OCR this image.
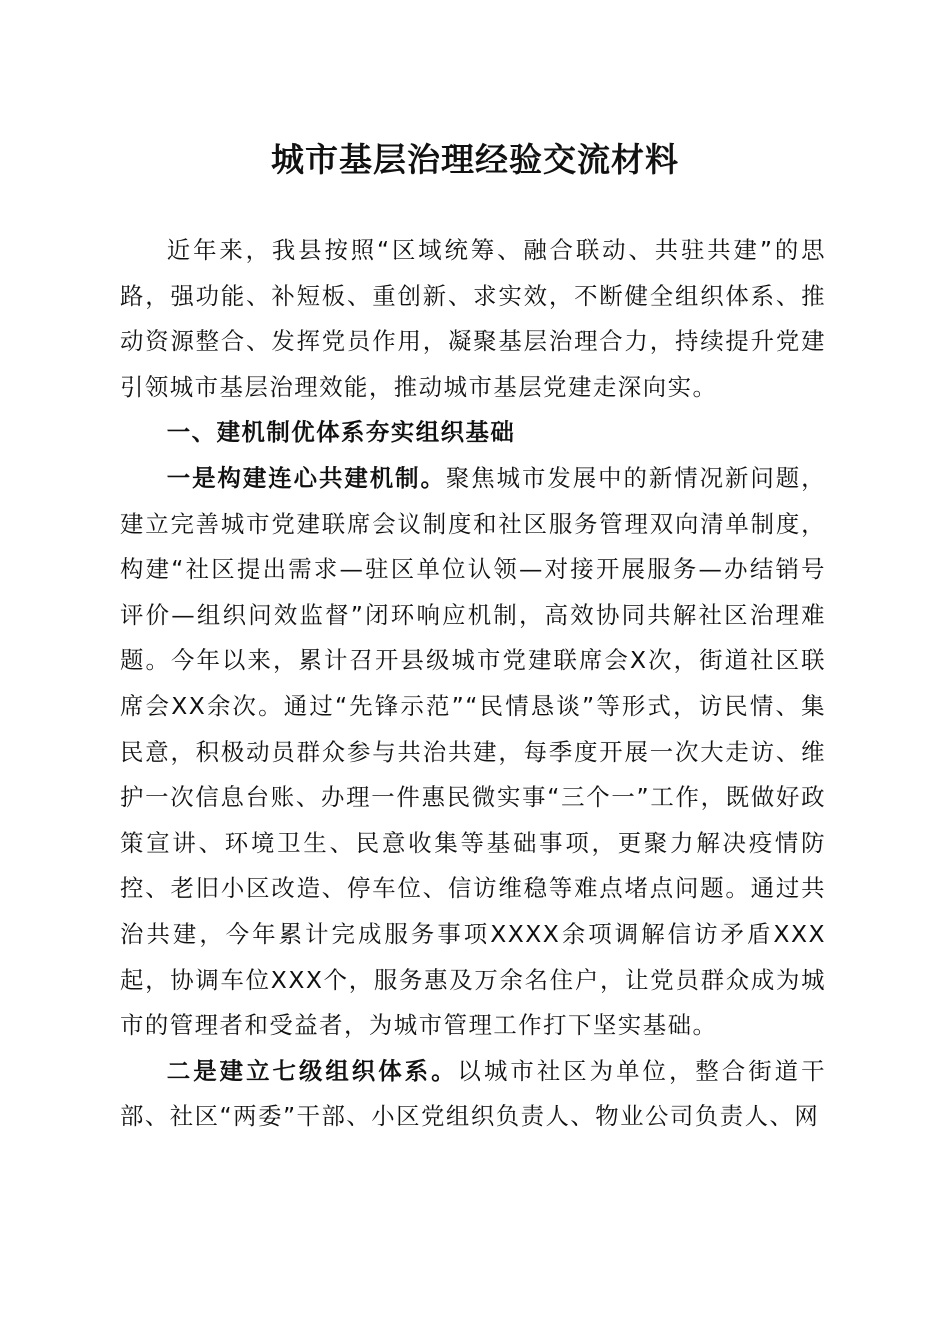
城市基层治理经验交流材料

近年来，我县按照“区域统筹、融合联动、共驻共建”的思路，强功能、补短板、重创新、求实效，不断健全组织体系、推动资源整合、发挥党员作用，凝聚基层治理合力，持续提升党建引领城市基层治理效能，推动城市基层党建走深向实。

一、建机制优体系夯实组织基础

一是构建连心共建机制。聚焦城市发展中的新情况新问题，建立完善城市党建联席会议制度和社区服务管理双向清单制度，构建“社区提出需求—驻区单位认领—对接开展服务—办结销号评价—组织问效监督”闭环响应机制，高效协同共解社区治理难题。今年以来，累计召开县级城市党建联席会X次，街道社区联席会XX余次。通过“先锋示范”“民情恳谈”等形式，访民情、集民意，积极动员群众参与共治共建，每季度开展一次大走访、维护一次信息台账、办理一件惠民微实事“三个一”工作，既做好政策宣讲、环境卫生、民意收集等基础事项，更聚力解决疫情防控、老旧小区改造、停车位、信访维稳等难点堵点问题。通过共治共建，今年累计完成服务事项XXXX余项调解信访矛盾XXX起，协调车位XXX个，服务惠及万余名住户，让党员群众成为城市的管理者和受益者，为城市管理工作打下坚实基础。

二是建立七级组织体系。以城市社区为单位，整合街道干部、社区“两委”干部、小区党组织负责人、物业公司负责人、网
